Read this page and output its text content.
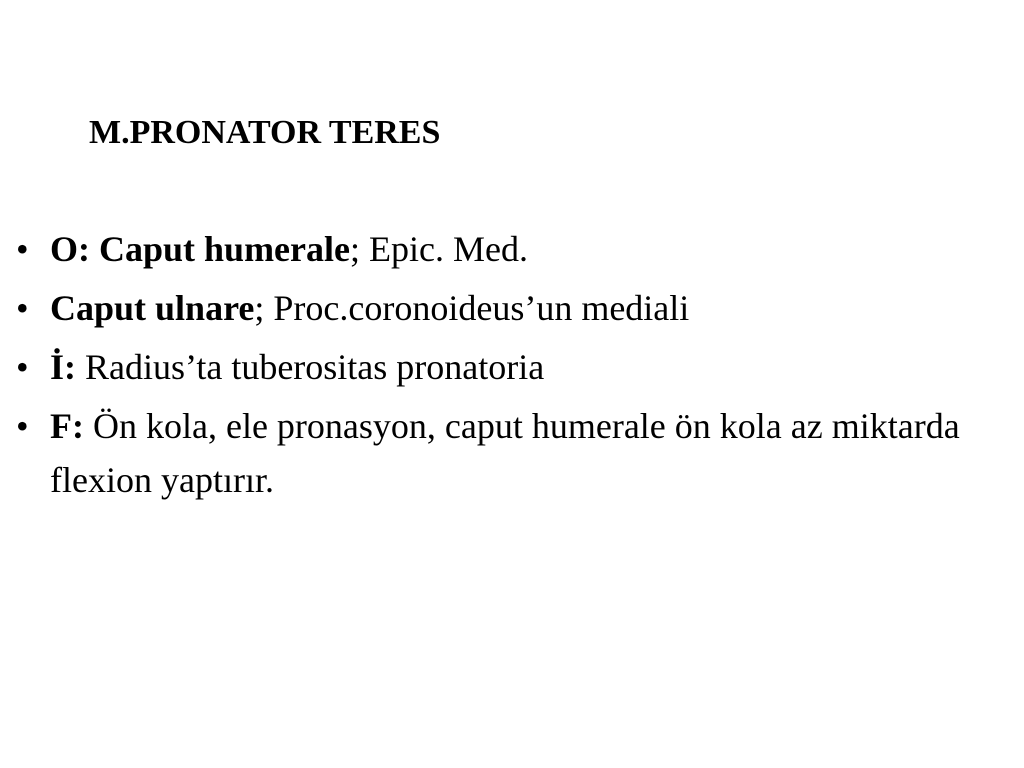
M.PRONATOR TERES
• O: Caput humerale; Epic. Med.
• Caput ulnare; Proc.coronoideus’un mediali
• İ: Radius’ta tuberositas pronatoria
• F: Ön kola, ele pronasyon, caput humerale ön kola az miktarda flexion yaptırır.
